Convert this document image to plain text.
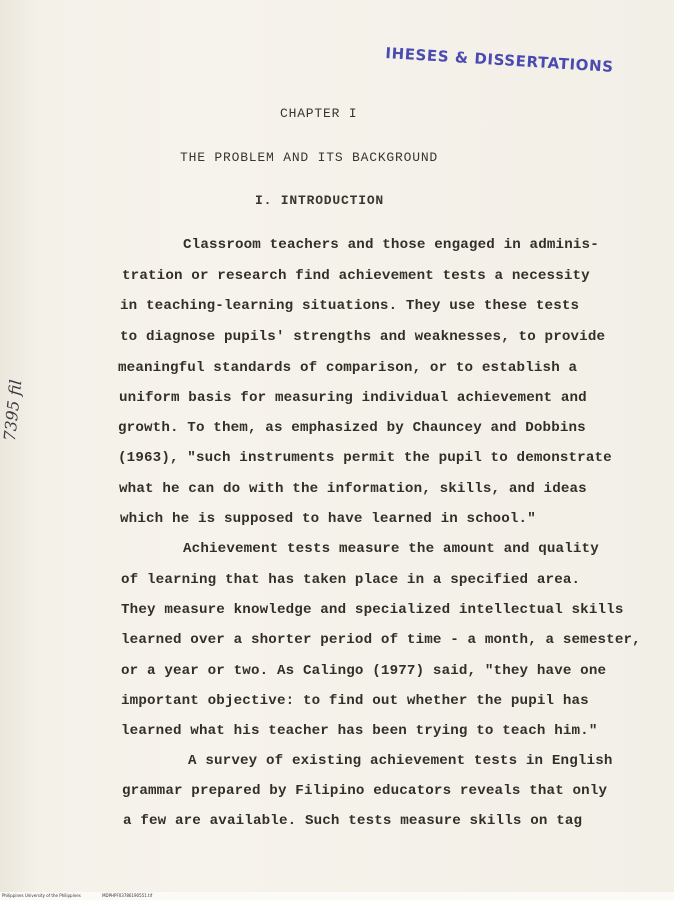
IHESES & DISSERTATIONS
CHAPTER I
THE PROBLEM AND ITS BACKGROUND
I. INTRODUCTION
7395 fil
Classroom teachers and those engaged in adminis-
tration or research find achievement tests a necessity
in teaching-learning situations. They use these tests
to diagnose pupils' strengths and weaknesses, to provide
meaningful standards of comparison, or to establish a
uniform basis for measuring individual achievement and
growth. To them, as emphasized by Chauncey and Dobbins
(1963), "such instruments permit the pupil to demonstrate
what he can do with the information, skills, and ideas
which he is supposed to have learned in school."
Achievement tests measure the amount and quality
of learning that has taken place in a specified area.
They measure knowledge and specialized intellectual skills
learned over a shorter period of time - a month, a semester,
or a year or two. As Calingo (1977) said, "they have one
important objective: to find out whether the pupil has
learned what his teacher has been trying to teach him."
A survey of existing achievement tests in English
grammar prepared by Filipino educators reveals that only
a few are available. Such tests measure skills on tag
Philippines University of the Philippines	MDPHPF03786190551.tif
